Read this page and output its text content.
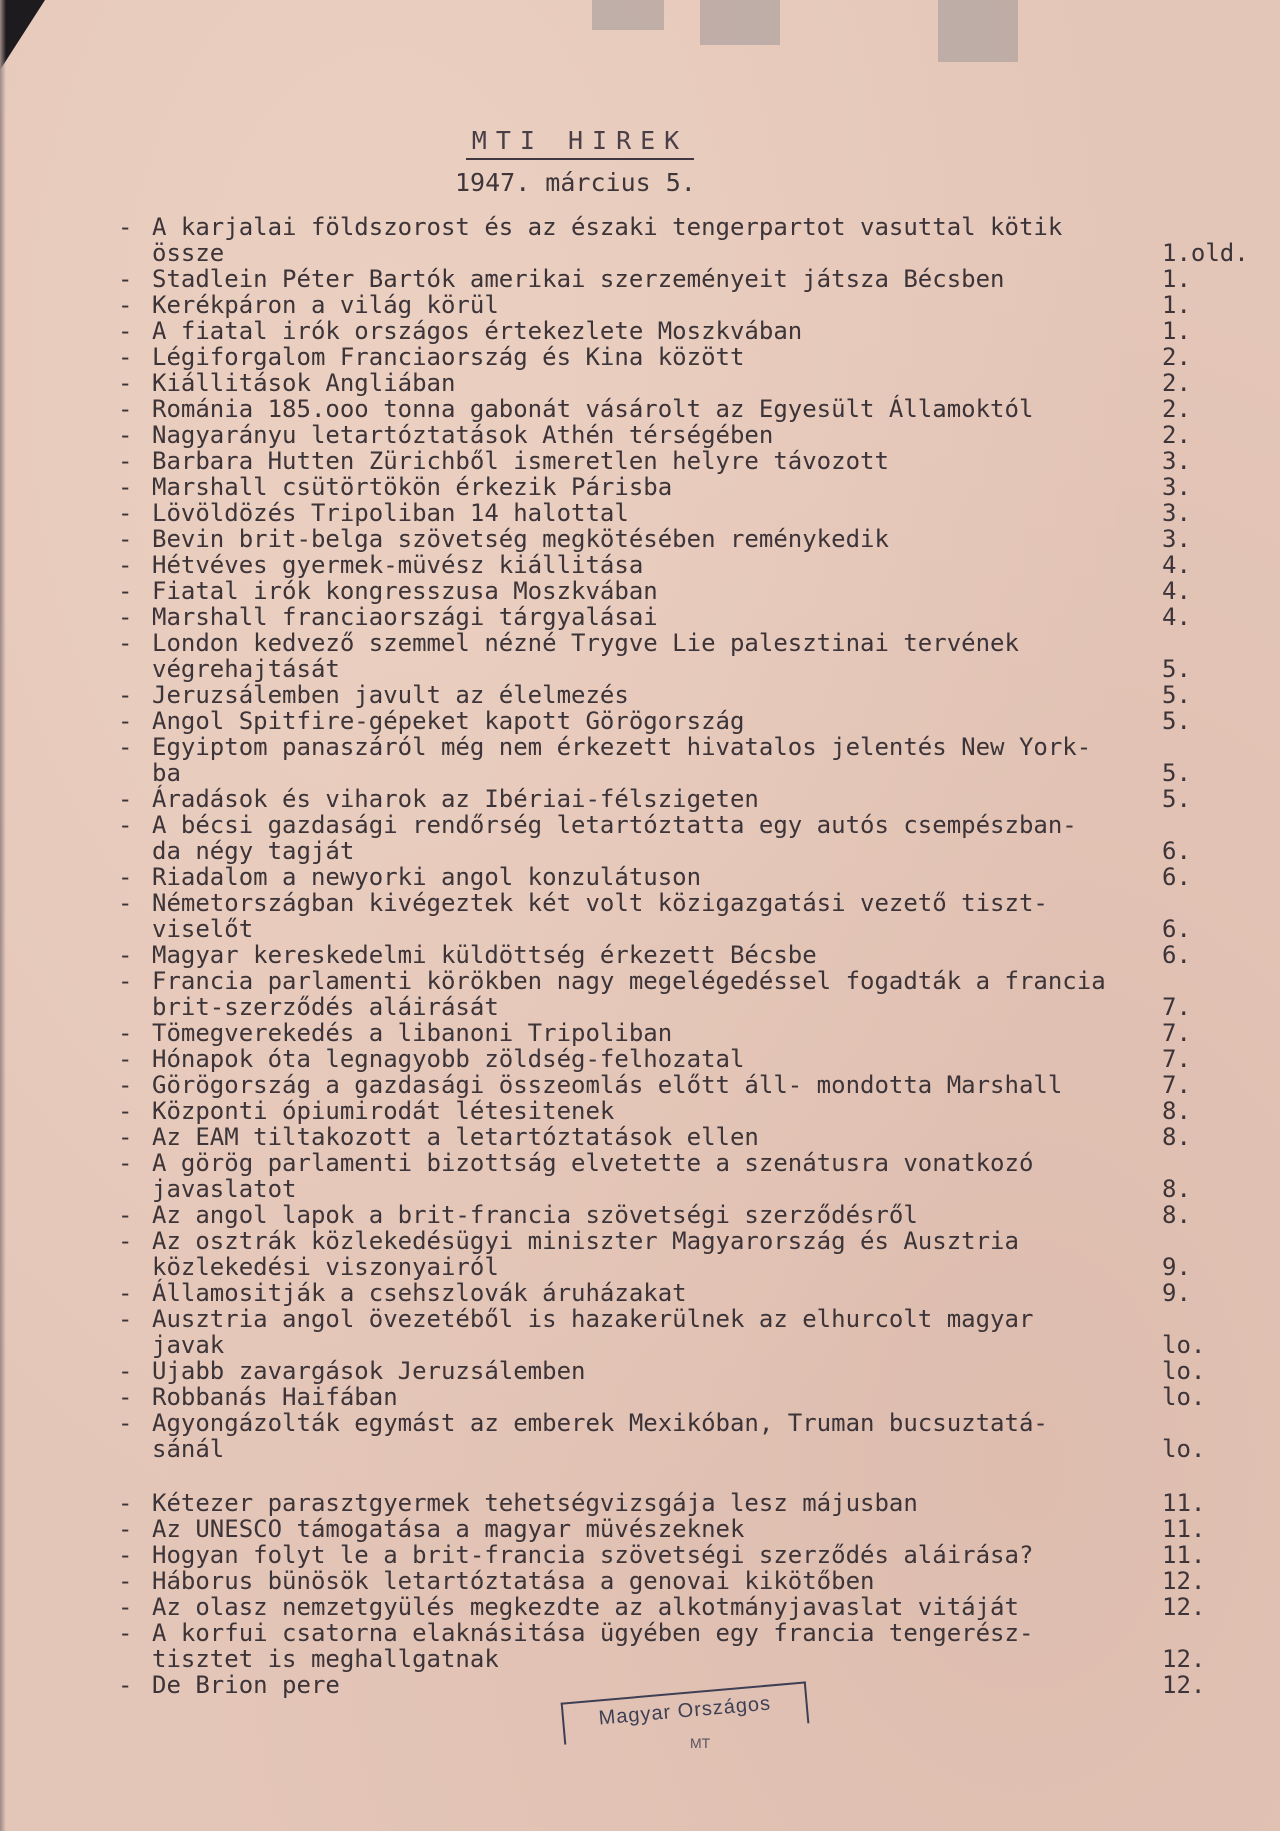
MTI HIREK
1947. március 5.
- A karjalai földszorost és az északi tengerpartot vasuttal kötik
össze	1.old.
- Stadlein Péter Bartók amerikai szerzeményeit játsza Bécsben	1.
- Kerékpáron a világ körül	1.
- A fiatal irók országos értekezlete Moszkvában	1.
- Légiforgalom Franciaország és Kina között	2.
- Kiállitások Angliában	2.
- Románia 185.ooo tonna gabonát vásárolt az Egyesült Államoktól	2.
- Nagyarányu letartóztatások Athén térségében	2.
- Barbara Hutten Zürichből ismeretlen helyre távozott	3.
- Marshall csütörtökön érkezik Párisba	3.
- Lövöldözés Tripoliban 14 halottal	3.
- Bevin brit-belga szövetség megkötésében reménykedik	3.
- Hétvéves gyermek-müvész kiállitása	4.
- Fiatal irók kongresszusa Moszkvában	4.
- Marshall franciaországi tárgyalásai	4.
- London kedvező szemmel nézné Trygve Lie palesztinai tervének
végrehajtását	5.
- Jeruzsálemben javult az élelmezés	5.
- Angol Spitfire-gépeket kapott Görögország	5.
- Egyiptom panaszáról még nem érkezett hivatalos jelentés New York-
ba	5.
- Áradások és viharok az Ibériai-félszigeten	5.
- A bécsi gazdasági rendőrség letartóztatta egy autós csempészban-
da négy tagját	6.
- Riadalom a newyorki angol konzulátuson	6.
- Németországban kivégeztek két volt közigazgatási vezető tiszt-
viselőt	6.
- Magyar kereskedelmi küldöttség érkezett Bécsbe	6.
- Francia parlamenti körökben nagy megelégedéssel fogadták a francia
brit-szerződés aláirását	7.
- Tömegverekedés a libanoni Tripoliban	7.
- Hónapok óta legnagyobb zöldség-felhozatal	7.
- Görögország a gazdasági összeomlás előtt áll- mondotta Marshall	7.
- Központi ópiumirodát létesitenek	8.
- Az EAM tiltakozott a letartóztatások ellen	8.
- A görög parlamenti bizottság elvetette a szenátusra vonatkozó
javaslatot	8.
- Az angol lapok a brit-francia szövetségi szerződésről	8.
- Az osztrák közlekedésügyi miniszter Magyarország és Ausztria
közlekedési viszonyairól	9.
- Államositják a csehszlovák áruházakat	9.
- Ausztria angol övezetéből is hazakerülnek az elhurcolt magyar
javak	lo.
- Ujabb zavargások Jeruzsálemben	lo.
- Robbanás Haifában	lo.
- Agyongázolták egymást az emberek Mexikóban, Truman bucsuztatá-
sánál	lo.
- Kétezer parasztgyermek tehetségvizsgája lesz májusban	11.
- Az UNESCO támogatása a magyar müvészeknek	11.
- Hogyan folyt le a brit-francia szövetségi szerződés aláirása?	11.
- Háborus bünösök letartóztatása a genovai kikötőben	12.
- Az olasz nemzetgyülés megkezdte az alkotmányjavaslat vitáját	12.
- A korfui csatorna elaknásitása ügyében egy francia tengerész-
tisztet is meghallgatnak	12.
- De Brion pere	12.
Magyar Országos
MT
